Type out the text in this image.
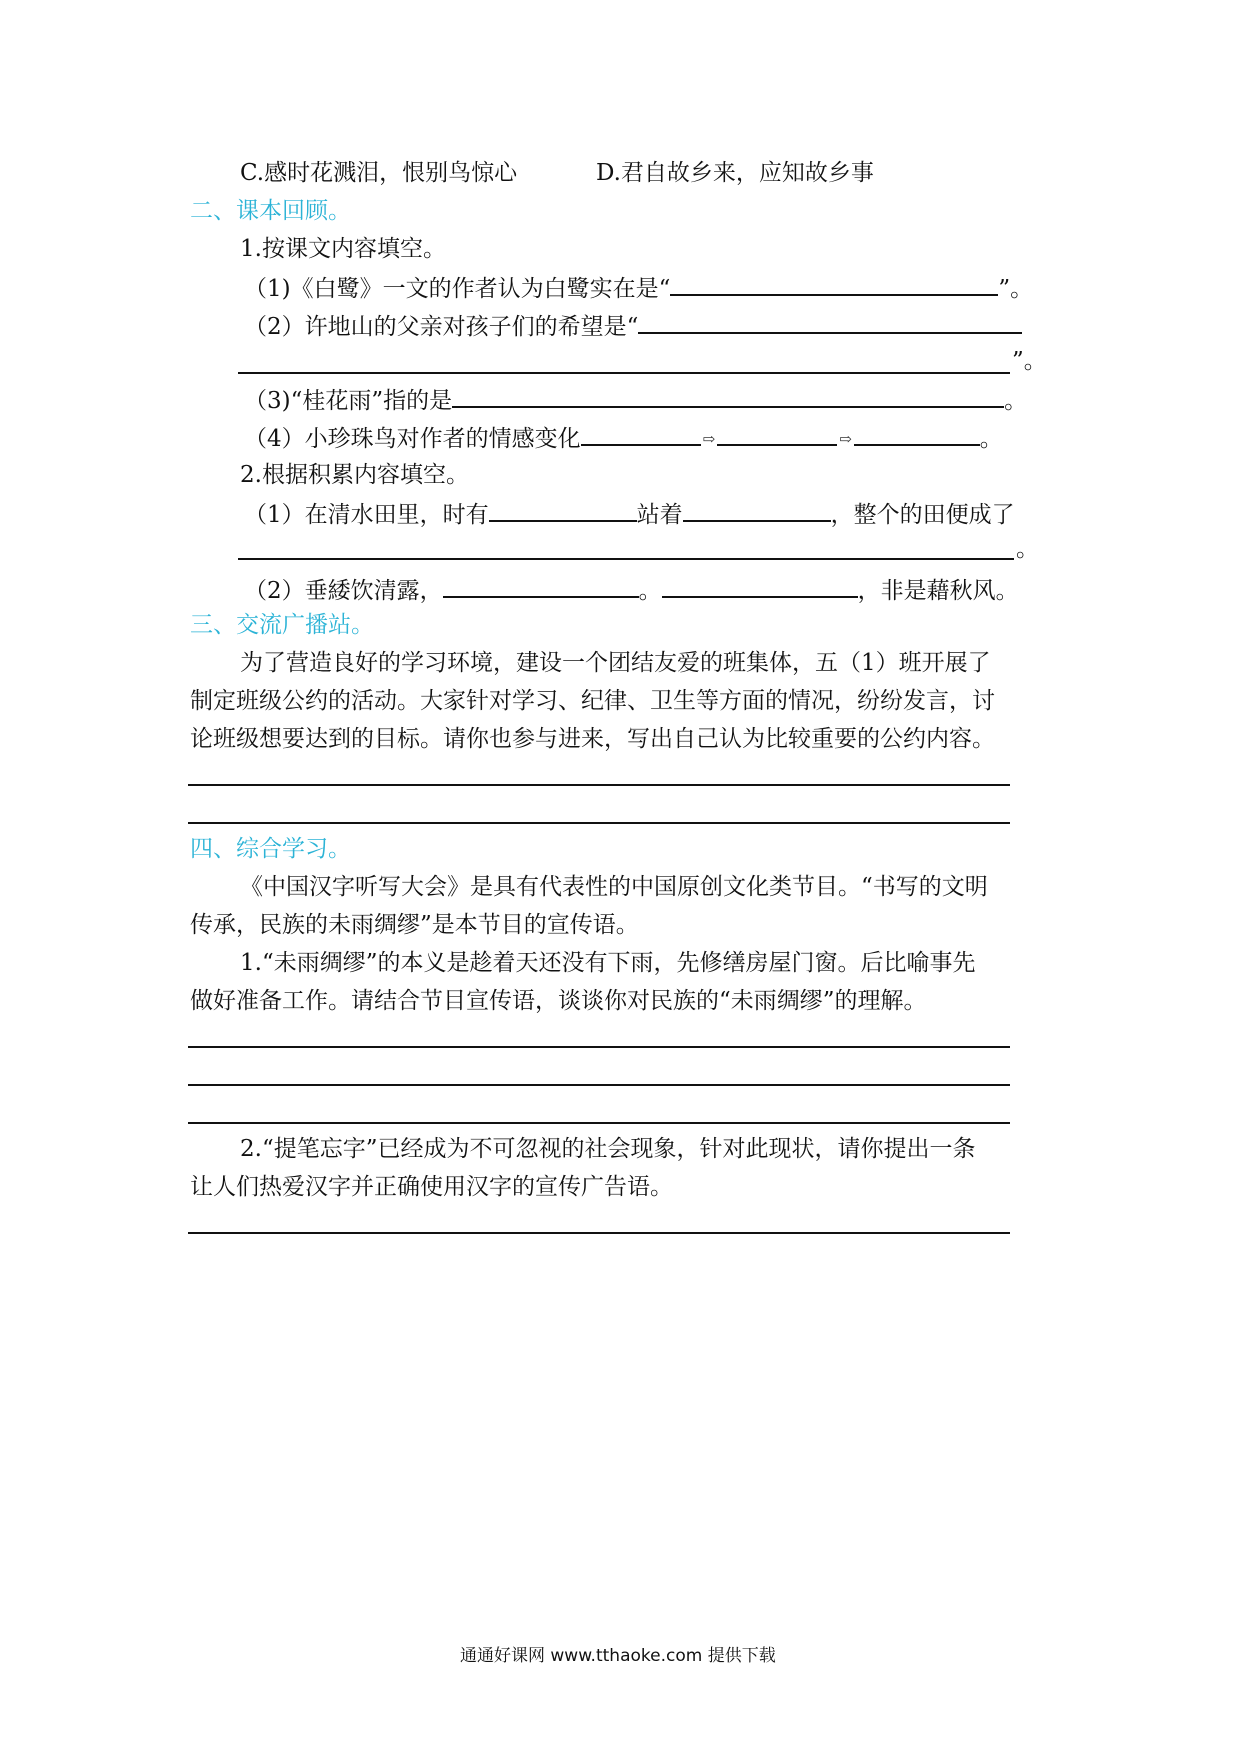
C.感时花溅泪，恨别鸟惊心	D.君自故乡来，应知故乡事
二、课本回顾。
1.按课文内容填空。
（1)《白鹭》一文的作者认为白鹭实在是“	”。
（2）许地山的父亲对孩子们的希望是“
”。
（3)“桂花雨”指的是	。
（4）小珍珠鸟对作者的情感变化	⇨	⇨	。
2.根据积累内容填空。
（1）在清水田里，时有	站着	，整个的田便成了
。
（2）垂緌饮清露，	。	，非是藉秋风。
三、交流广播站。
为了营造良好的学习环境，建设一个团结友爱的班集体，五（1）班开展了
制定班级公约的活动。大家针对学习、纪律、卫生等方面的情况，纷纷发言，讨
论班级想要达到的目标。请你也参与进来，写出自己认为比较重要的公约内容。
四、综合学习。
《中国汉字听写大会》是具有代表性的中国原创文化类节目。“书写的文明
传承，民族的未雨绸缪”是本节目的宣传语。
1.“未雨绸缪”的本义是趁着天还没有下雨，先修缮房屋门窗。后比喻事先
做好准备工作。请结合节目宣传语，谈谈你对民族的“未雨绸缪”的理解。
2.“提笔忘字”已经成为不可忽视的社会现象，针对此现状，请你提出一条
让人们热爱汉字并正确使用汉字的宣传广告语。
通通好课网 www.tthaoke.com 提供下载
